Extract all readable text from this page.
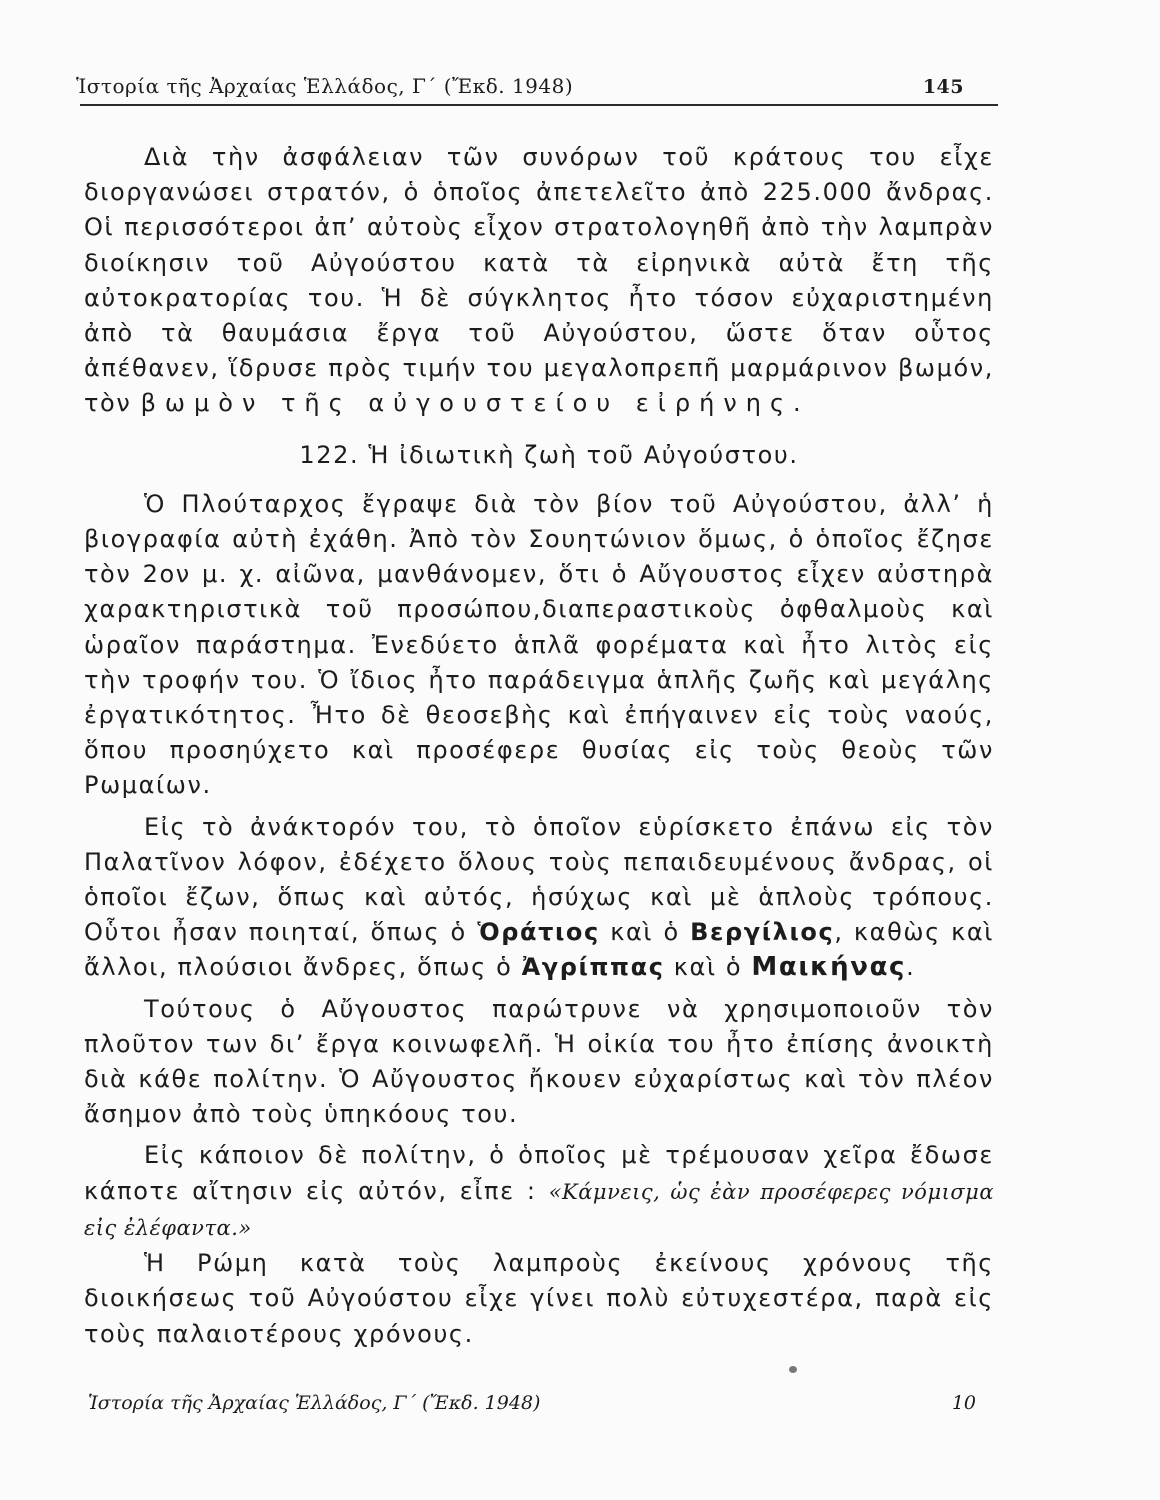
Ἱστορία τῆς Ἀρχαίας Ἑλλάδος, Γ΄ (Ἔκδ. 1948)	145

Διὰ τὴν ἀσφάλειαν τῶν συνόρων τοῦ κράτους του εἶχε διοργανώσει στρατόν, ὁ ὁποῖος ἀπετελεῖτο ἀπὸ 225.000 ἄνδρας. Οἱ περισσότεροι ἀπ’ αὐτοὺς εἶχον στρατολογηθῆ ἀπὸ τὴν λαμπρὰν διοίκησιν τοῦ Αὐγούστου κατὰ τὰ εἰρηνικὰ αὐτὰ ἔτη τῆς αὐτοκρατορίας του. Ἡ δὲ σύγκλητος ἦτο τόσον εὐχαριστημένη ἀπὸ τὰ θαυμάσια ἔργα τοῦ Αὐγούστου, ὥστε ὅταν οὗτος ἀπέθανεν, ἵδρυσε πρὸς τιμήν του μεγαλοπρεπῆ μαρμάρινον βωμόν, τὸν βωμὸν τῆς αὐγουστείου εἰρήνης.

122. Ἡ ἰδιωτικὴ ζωὴ τοῦ Αὐγούστου.

Ὁ Πλούταρχος ἔγραψε διὰ τὸν βίον τοῦ Αὐγούστου, ἀλλ’ ἡ βιογραφία αὐτὴ ἐχάθη. Ἀπὸ τὸν Σουητώνιον ὅμως, ὁ ὁποῖος ἔζησε τὸν 2ον μ. χ. αἰῶνα, μανθάνομεν, ὅτι ὁ Αὔγουστος εἶχεν αὐστηρὰ χαρακτηριστικὰ τοῦ προσώπου,διαπεραστικοὺς ὀφθαλμοὺς καὶ ὡραῖον παράστημα. Ἐνεδύετο ἁπλᾶ φορέματα καὶ ἦτο λιτὸς εἰς τὴν τροφήν του. Ὁ ἴδιος ἦτο παράδειγμα ἁπλῆς ζωῆς καὶ μεγάλης ἐργατικότητος. Ἦτο δὲ θεοσεβὴς καὶ ἐπήγαινεν εἰς τοὺς ναούς, ὅπου προσηύχετο καὶ προσέφερε θυσίας εἰς τοὺς θεοὺς τῶν Ρωμαίων.

Εἰς τὸ ἀνάκτορόν του, τὸ ὁποῖον εὑρίσκετο ἐπάνω εἰς τὸν Παλατῖνον λόφον, ἐδέχετο ὅλους τοὺς πεπαιδευμένους ἄνδρας, οἱ ὁποῖοι ἔζων, ὅπως καὶ αὐτός, ἡσύχως καὶ μὲ ἁπλοὺς τρόπους. Οὗτοι ἦσαν ποιηταί, ὅπως ὁ Ὁράτιος καὶ ὁ Βεργίλιος, καθὼς καὶ ἄλλοι, πλούσιοι ἄνδρες, ὅπως ὁ Ἀγρίππας καὶ ὁ Μαικήνας.

Τούτους ὁ Αὔγουστος παρώτρυνε νὰ χρησιμοποιοῦν τὸν πλοῦτον των δι’ ἔργα κοινωφελῆ. Ἡ οἰκία του ἦτο ἐπίσης ἀνοικτὴ διὰ κάθε πολίτην. Ὁ Αὔγουστος ἤκουεν εὐχαρίστως καὶ τὸν πλέον ἄσημον ἀπὸ τοὺς ὑπηκόους του.

Εἰς κάποιον δὲ πολίτην, ὁ ὁποῖος μὲ τρέμουσαν χεῖρα ἔδωσε κάποτε αἴτησιν εἰς αὐτόν, εἶπε : «Κάμνεις, ὡς ἐὰν προσέφερες νόμισμα εἰς ἐλέφαντα.»

Ἡ Ρώμη κατὰ τοὺς λαμπροὺς ἐκείνους χρόνους τῆς διοικήσεως τοῦ Αὐγούστου εἶχε γίνει πολὺ εὐτυχεστέρα, παρὰ εἰς τοὺς παλαιοτέρους χρόνους.

Ἱστορία τῆς Ἀρχαίας Ἑλλάδος, Γ΄ (Ἔκδ. 1948)	10
